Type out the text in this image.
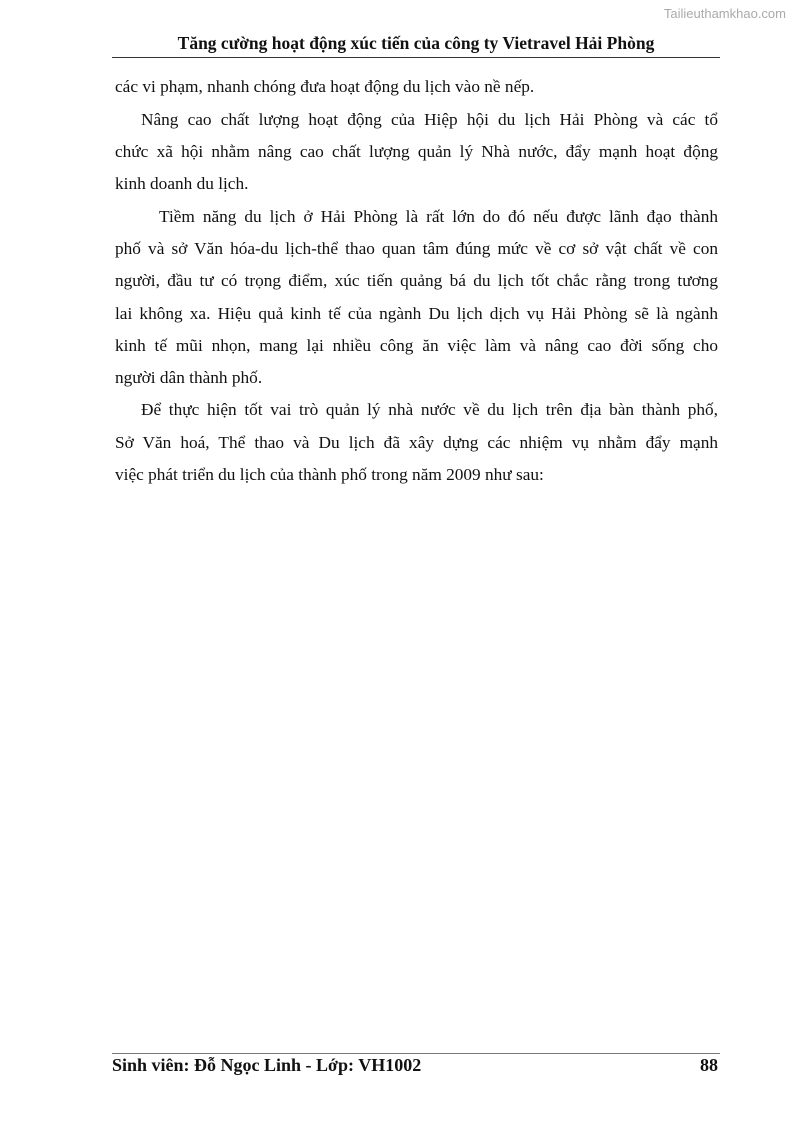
Tailieuthamkhao.com
Tăng cường hoạt động xúc tiến của công ty Vietravel Hải Phòng
các vi phạm, nhanh chóng đưa hoạt động du lịch vào nề nếp.
Nâng cao chất lượng hoạt động của Hiệp hội du lịch Hải Phòng và các tổ
chức xã hội nhằm nâng cao chất lượng quản lý Nhà nước, đẩy mạnh hoạt động
kinh doanh du lịch.
Tiềm năng du lịch ở Hải Phòng là rất lớn do đó nếu được lãnh đạo thành
phố và sở Văn hóa-du lịch-thể thao quan tâm đúng mức về cơ sở vật chất về con
người, đầu tư có trọng điểm, xúc tiến quảng bá du lịch tốt chắc rằng trong tương
lai không xa. Hiệu quả kinh tế của ngành Du lịch dịch vụ Hải Phòng sẽ là ngành
kinh tế mũi nhọn, mang lại nhiều công ăn việc làm và nâng cao đời sống cho
người dân thành phố.
Để thực hiện tốt vai trò quản lý nhà nước về du lịch trên địa bàn thành phố,
Sở Văn hoá, Thể thao và Du lịch đã xây dựng các nhiệm vụ nhằm đẩy mạnh
việc phát triển du lịch của thành phố trong năm 2009 như sau:
Sinh viên: Đỗ Ngọc Linh - Lớp: VH1002	88
